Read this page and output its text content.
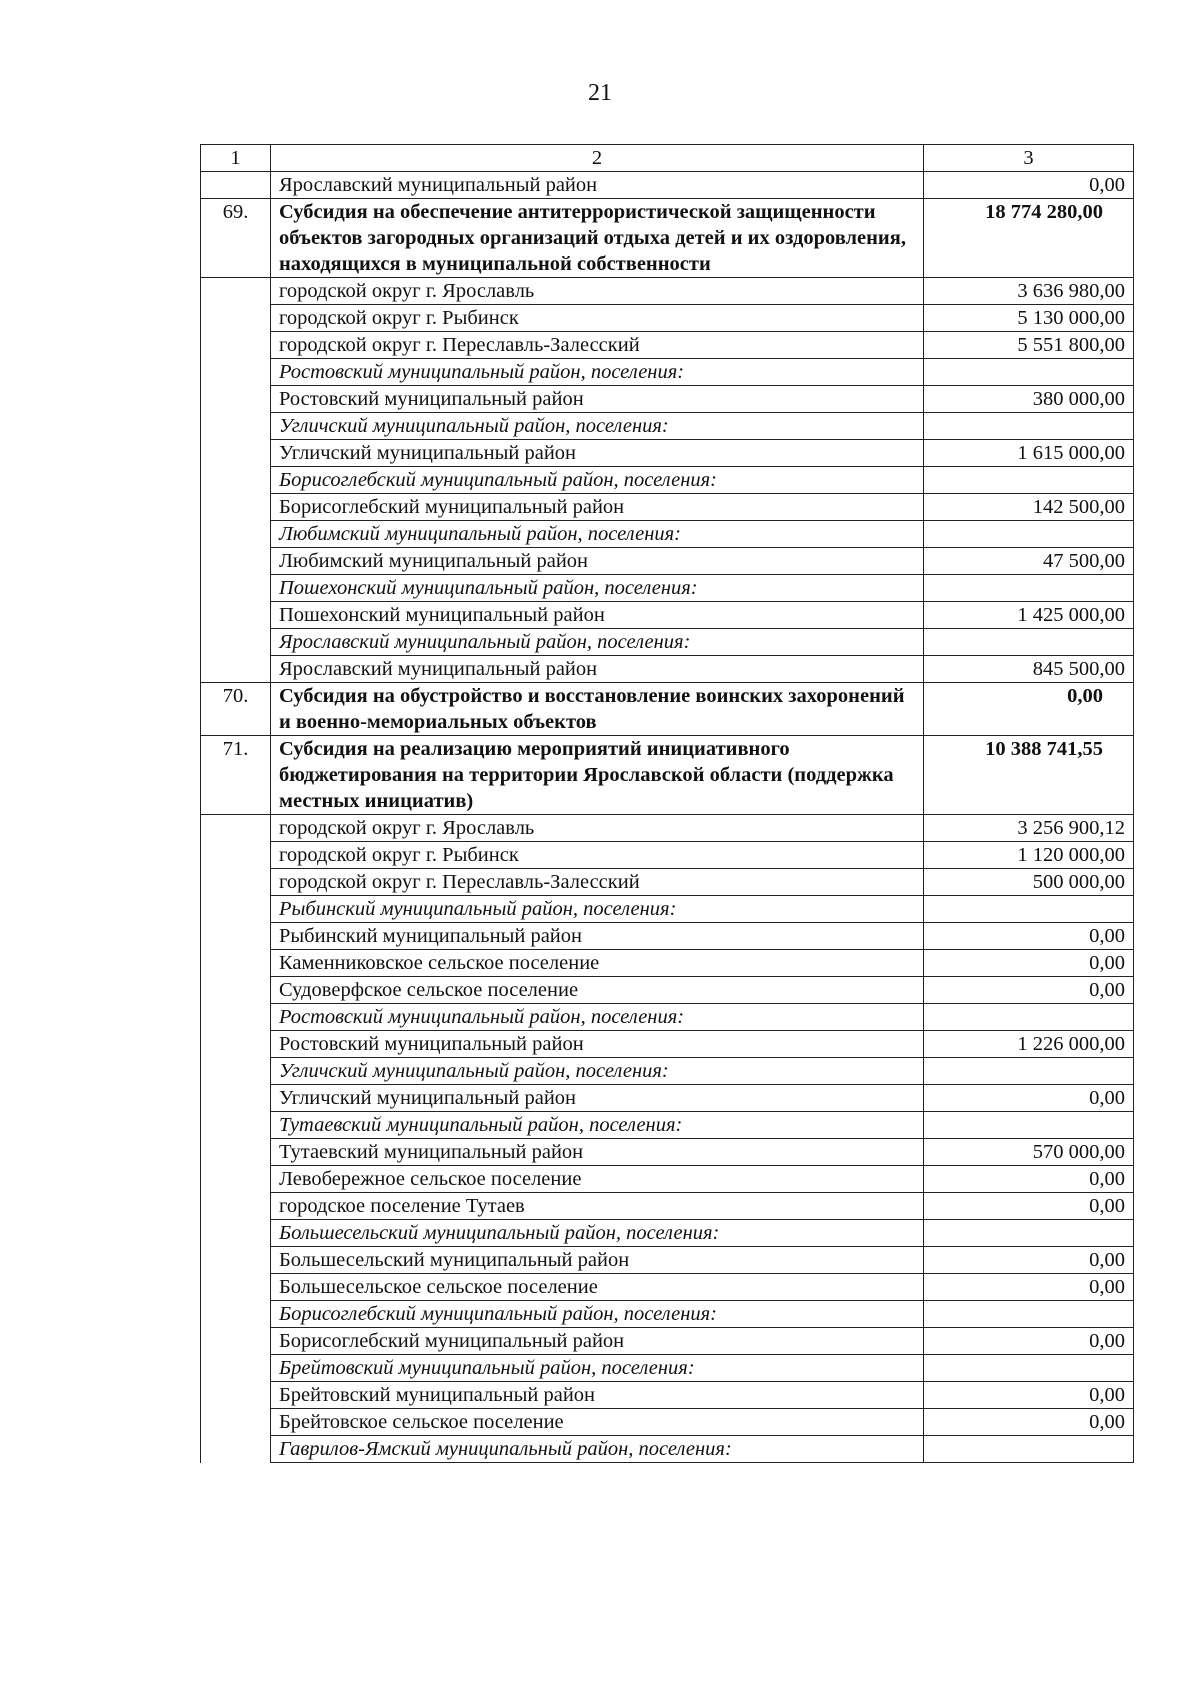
21
1	2	3
	Ярославский муниципальный район	0,00
69.	Субсидия на обеспечение антитеррористической защищенности объектов загородных организаций отдыха детей и их оздоровления, находящихся в муниципальной собственности	18 774 280,00
	городской округ г. Ярославль	3 636 980,00
	городской округ г. Рыбинск	5 130 000,00
	городской округ г. Переславль-Залесский	5 551 800,00
	Ростовский муниципальный район, поселения:	
	Ростовский муниципальный район	380 000,00
	Угличский муниципальный район, поселения:	
	Угличский муниципальный район	1 615 000,00
	Борисоглебский муниципальный район, поселения:	
	Борисоглебский муниципальный район	142 500,00
	Любимский муниципальный район, поселения:	
	Любимский муниципальный район	47 500,00
	Пошехонский муниципальный район, поселения:	
	Пошехонский муниципальный район	1 425 000,00
	Ярославский муниципальный район, поселения:	
	Ярославский муниципальный район	845 500,00
70.	Субсидия на обустройство и восстановление воинских захоронений и военно-мемориальных объектов	0,00
71.	Субсидия на реализацию мероприятий инициативного бюджетирования на территории Ярославской области (поддержка местных инициатив)	10 388 741,55
	городской округ г. Ярославль	3 256 900,12
	городской округ г. Рыбинск	1 120 000,00
	городской округ г. Переславль-Залесский	500 000,00
	Рыбинский муниципальный район, поселения:	
	Рыбинский муниципальный район	0,00
	Каменниковское сельское поселение	0,00
	Судоверфское сельское поселение	0,00
	Ростовский муниципальный район, поселения:	
	Ростовский муниципальный район	1 226 000,00
	Угличский муниципальный район, поселения:	
	Угличский муниципальный район	0,00
	Тутаевский муниципальный район, поселения:	
	Тутаевский муниципальный район	570 000,00
	Левобережное сельское поселение	0,00
	городское поселение Тутаев	0,00
	Большесельский муниципальный район, поселения:	
	Большесельский муниципальный район	0,00
	Большесельское сельское поселение	0,00
	Борисоглебский муниципальный район, поселения:	
	Борисоглебский муниципальный район	0,00
	Брейтовский муниципальный район, поселения:	
	Брейтовский муниципальный район	0,00
	Брейтовское сельское поселение	0,00
	Гаврилов-Ямский муниципальный район, поселения:	
